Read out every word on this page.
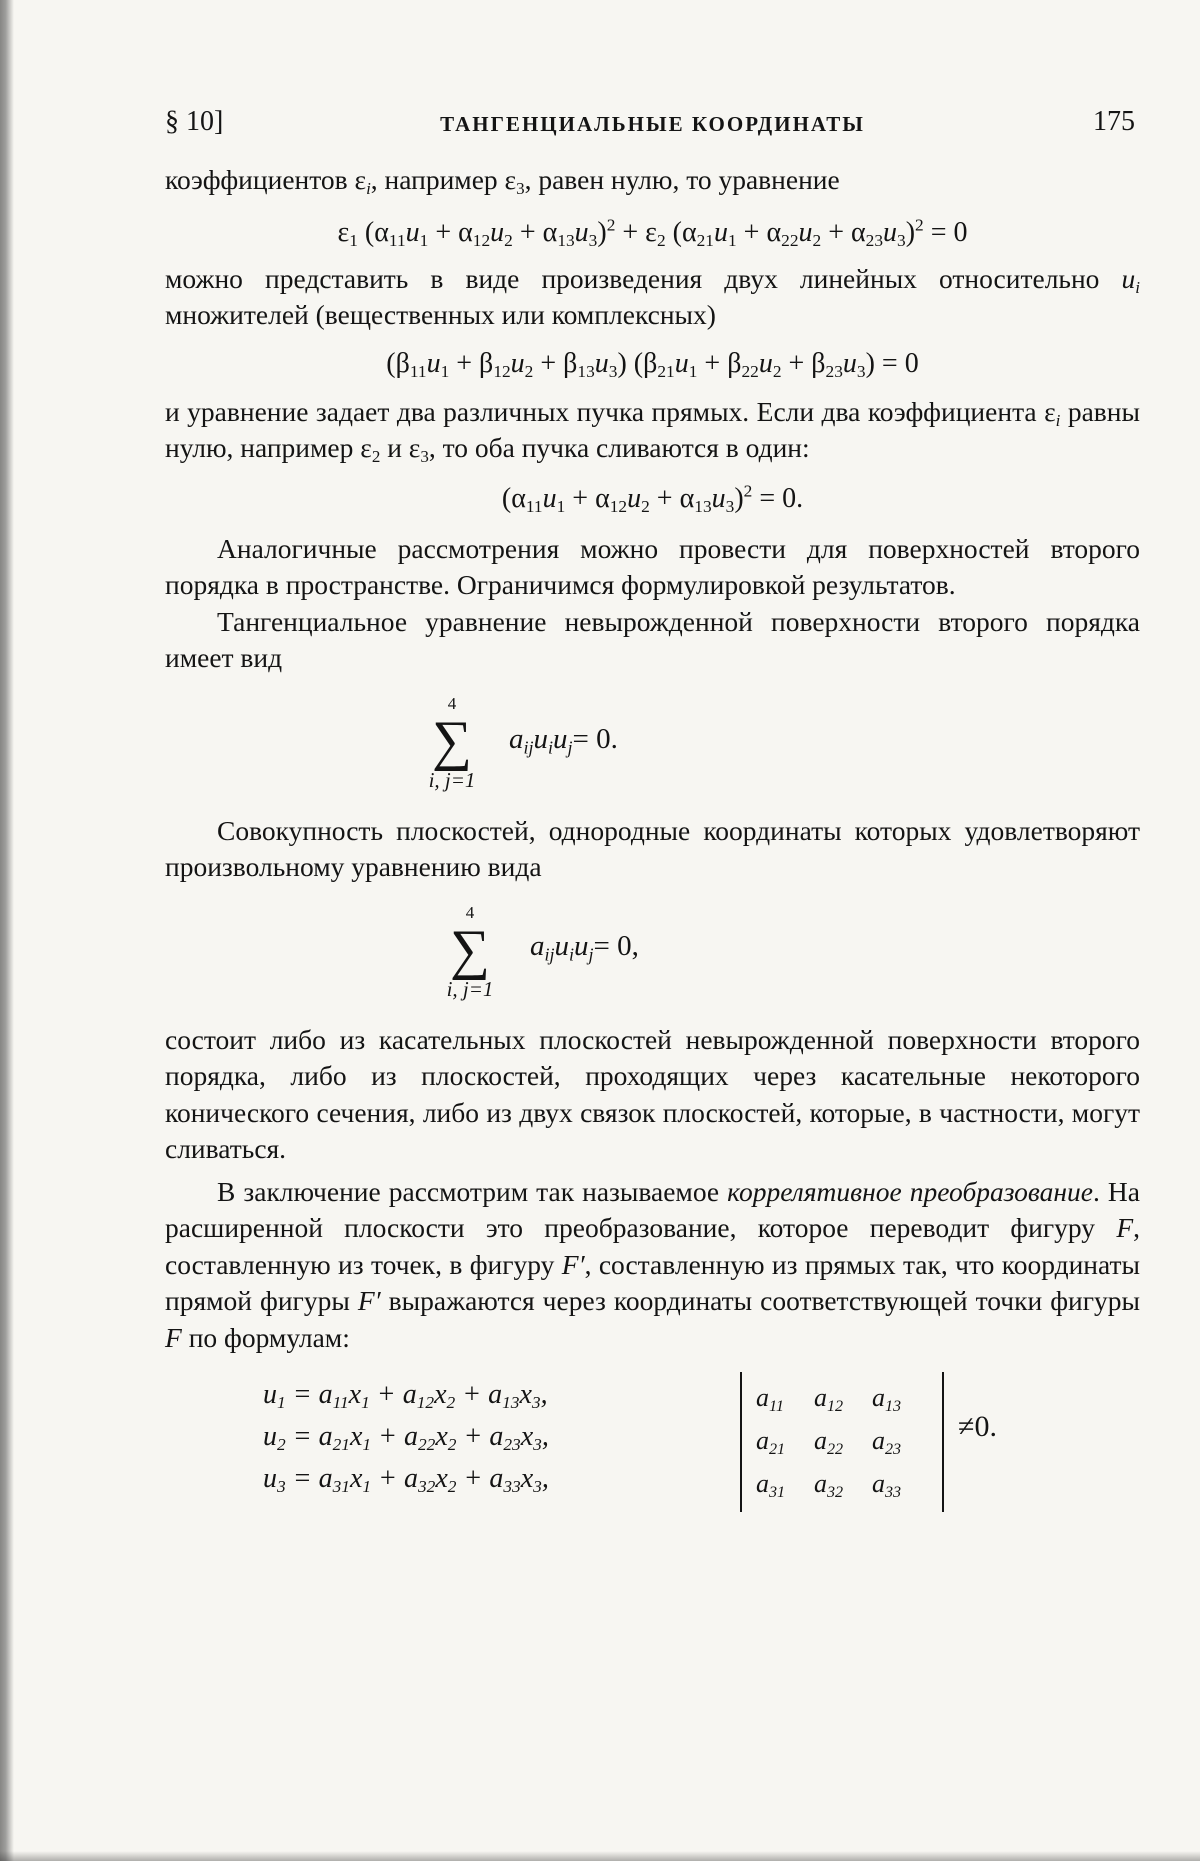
§ 10]	ТАНГЕНЦИАЛЬНЫЕ КООРДИНАТЫ	175

коэффициентов $\varepsilon_i$, например $\varepsilon_3$, равен нулю, то уравнение

$\varepsilon_1$ $(\alpha_{11}u_1 + \alpha_{12}u_2 + \alpha_{13}u_3)^2 + \varepsilon_2$ $(\alpha_{21}u_1 + \alpha_{22}u_2 + \alpha_{23}u_3)^2 = 0$

можно представить в виде произведения двух линейных относительно $u_i$ множителей (вещественных или комплексных)

$(\beta_{11}u_1 + \beta_{12}u_2 + \beta_{13}u_3) (\beta_{21}u_1 + \beta_{22}u_2 + \beta_{23}u_3) = 0$

и уравнение задает два различных пучка прямых. Если два коэффициента $\varepsilon_i$ равны нулю, например $\varepsilon_2$ и $\varepsilon_3$, то оба пучка сливаются в один:

$(\alpha_{11}u_1 + \alpha_{12}u_2 + \alpha_{13}u_3)^2 = 0$.

Аналогичные рассмотрения можно провести для поверхностей второго порядка в пространстве. Ограничимся формулировкой результатов.

Тангенциальное уравнение невырожденной поверхности второго порядка имеет вид

4
∑
i, j=1
$a_{ij}u_iu_j= 0$.

Совокупность плоскостей, однородные координаты которых удовлетворяют произвольному уравнению вида

4
∑
i, j=1
$a_{ij}u_iu_j= 0$,

состоит либо из касательных плоскостей невырожденной поверхности второго порядка, либо из плоскостей, проходящих через касательные некоторого конического сечения, либо из двух связок плоскостей, которые, в частности, могут сливаться.

В заключение рассмотрим так называемое коррелятивное преобразование. На расширенной плоскости это преобразование, которое переводит фигуру F, составленную из точек, в фигуру F′, составленную из прямых так, что координаты прямой фигуры F′ выражаются через координаты соответствующей точки фигуры F по формулам:

$u_1 = a_{11}x_1 + a_{12}x_2 + a_{13}x_3$,
$u_2 = a_{21}x_1 + a_{22}x_2 + a_{23}x_3$,
$u_3 = a_{31}x_1 + a_{32}x_2 + a_{33}x_3$,
$a_{11}$	$a_{12}$	$a_{13}$
$a_{21}$	$a_{22}$	$a_{23}$
$a_{31}$	$a_{32}$	$a_{33}$
≠0.
